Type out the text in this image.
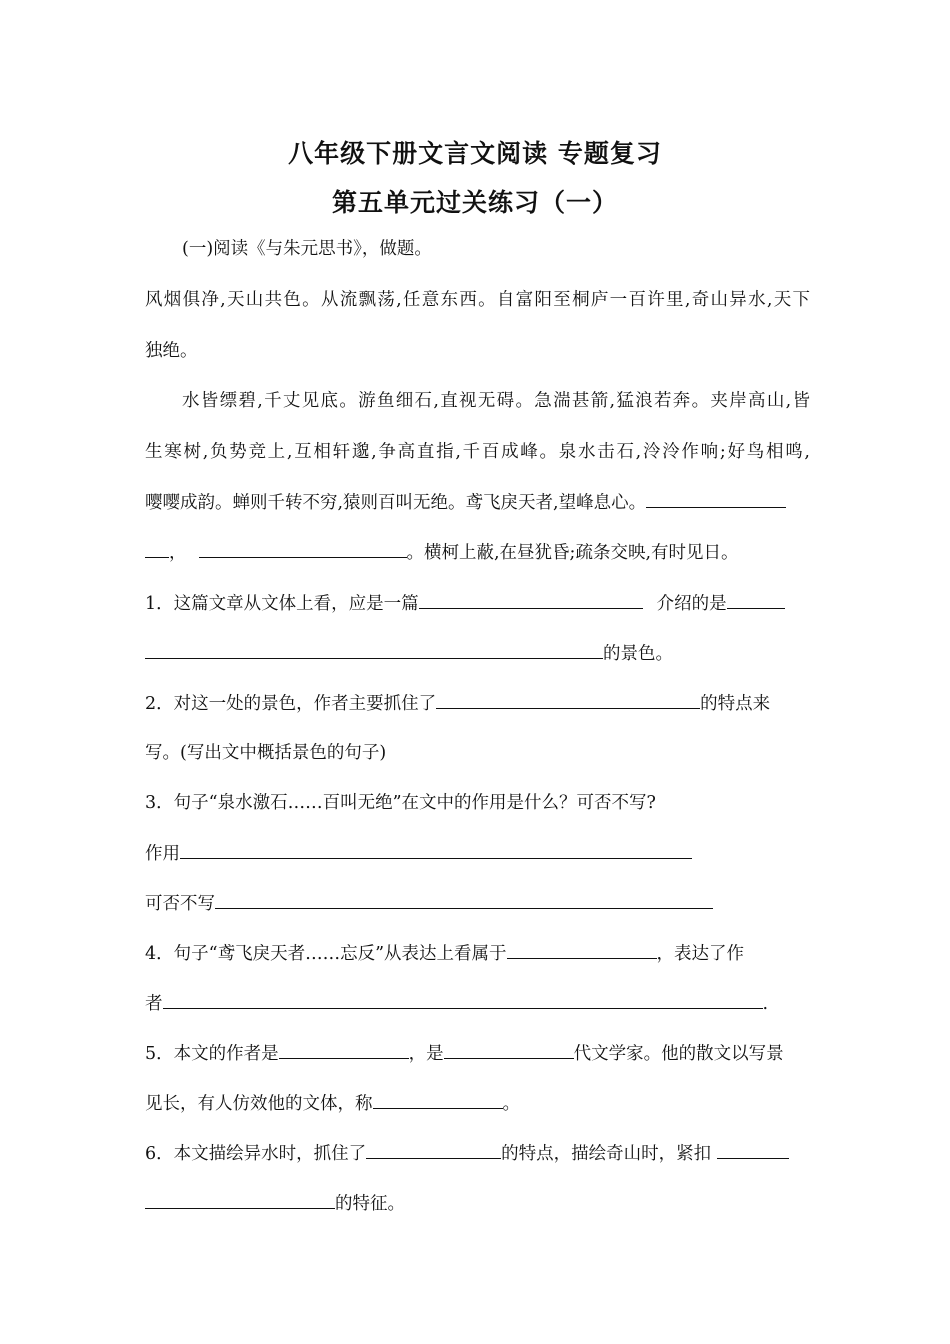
八年级下册文言文阅读 专题复习
第五单元过关练习（一）
(一)阅读《与朱元思书》，做题。
风烟俱净,天山共色。从流飘荡,任意东西。自富阳至桐庐一百许里,奇山异水,天下
独绝。
水皆缥碧,千丈见底。游鱼细石,直视无碍。急湍甚箭,猛浪若奔。夹岸高山,皆
生寒树,负势竞上,互相轩邈,争高直指,千百成峰。泉水击石,泠泠作响;好鸟相鸣,
嘤嘤成韵。蝉则千转不穷,猿则百叫无绝。鸢飞戾天者,望峰息心。
，	。横柯上蔽,在昼犹昏;疏条交映,有时见日。
1．这篇文章从文体上看，应是一篇	介绍的是
的景色。
2．对这一处的景色，作者主要抓住了	的特点来
写。(写出文中概括景色的句子)
3．句子“泉水激石……百叫无绝”在文中的作用是什么？可否不写?
作用
可否不写
4．句子“鸢飞戾天者……忘反”从表达上看属于	，表达了作
者	.
5．本文的作者是	，是	代文学家。他的散文以写景
见长，有人仿效他的文体，称	。
6．本文描绘异水时，抓住了	的特点，描绘奇山时，紧扣
的特征。
